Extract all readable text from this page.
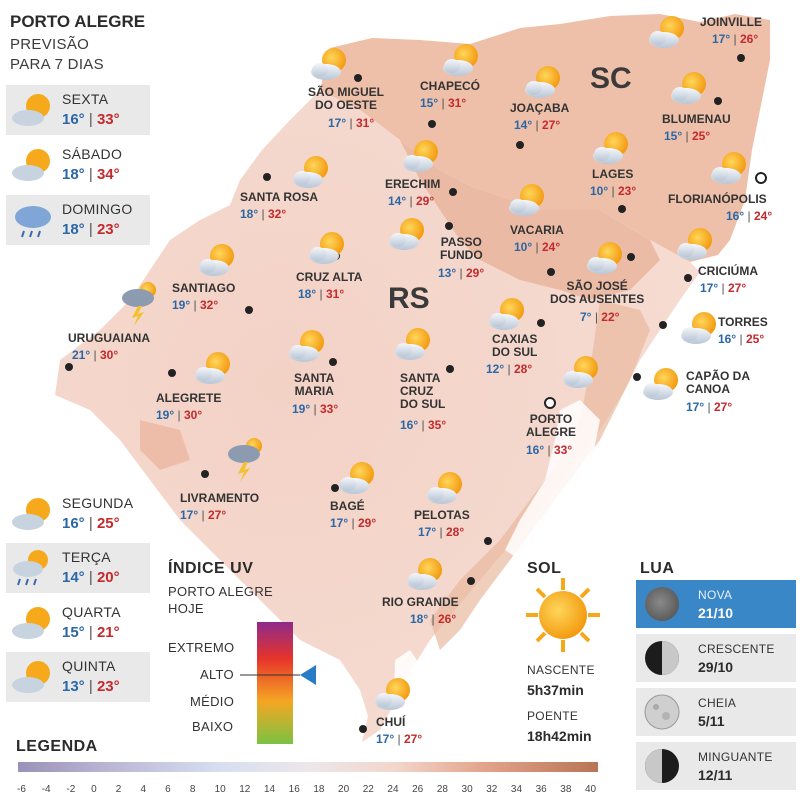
PORTO ALEGRE
PREVISÃO
PARA 7 DIAS
SEXTA
16° | 33°
SÁBADO
18° | 34°
DOMINGO
18° | 23°
SEGUNDA
16° | 25°
TERÇA
14° | 20°
QUARTA
15° | 21°
QUINTA
13° | 23°
SC
RS
JOINVILLE
17° | 26°
BLUMENAU
15° | 25°
FLORIANÓPOLIS
16° | 24°
LAGES
10° | 23°
SÃO MIGUEL
DO OESTE
17° | 31°
CHAPECÓ
15° | 31°	JOAÇABA
14° | 27°
ERECHIM
14° | 29°
SANTA ROSA
18° | 32°
VACARIA
10° | 24°
PASSO
FUNDO
13° | 29°	CRICIÚMA
17° | 27°
SÃO JOSÉ
DOS AUSENTES
7° | 22°
SANTIAGO
19° | 32°
CRUZ ALTA
18° | 31°
TORRES
16° | 25°
URUGUAIANA
21° | 30°
CAXIAS
DO SUL
12° | 28°	CAPÃO DA
CANOA
17° | 27°
ALEGRETE
19° | 30°
SANTA
MARIA
19° | 33°
SANTA
CRUZ
DO SUL
16° | 35°	PORTO
ALEGRE
16° | 33°
LIVRAMENTO
17° | 27°
BAGÉ
17° | 29°
PELOTAS
17° | 28°
RIO GRANDE
18° | 26°
CHUÍ
17° | 27°
ÍNDICE UV
PORTO ALEGRE
HOJE
EXTREMO
ALTO
MÉDIO
BAIXO
SOL
NASCENTE
5h37min
POENTE
18h42min
LUA
NOVA
21/10
CRESCENTE
29/10
CHEIA
5/11
MINGUANTE
12/11
LEGENDA
-6 -4 -2 0 2 4 6 8 10 12 14 16 18 20 22 24 26 28 30 32 34 36 38 40
